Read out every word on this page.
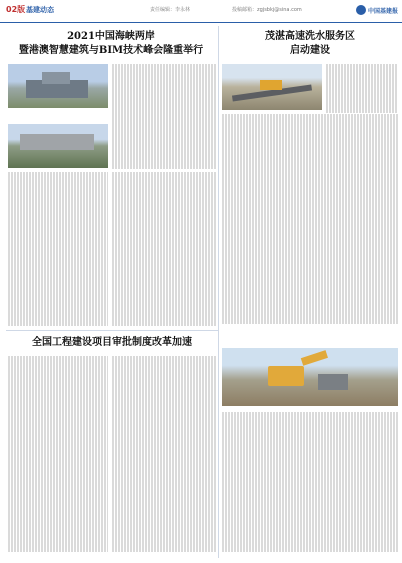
02版 基建动态	责任编辑：李永林	投稿邮箱：zgjsbkj@sina.com	中国基建报
2021中国海峡两岸
暨港澳智慧建筑与BIM技术峰会隆重举行
茂湛高速洗水服务区
启动建设
全国工程建设项目审批制度改革加速
